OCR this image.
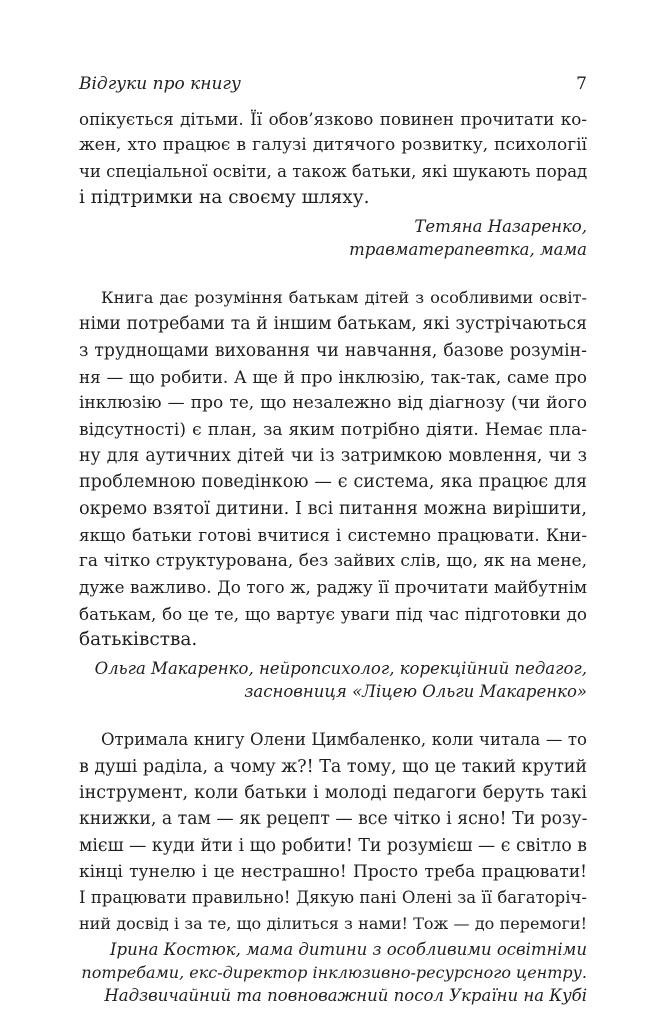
Відгуки про книгу	7
опікується дітьми. Її обов’язково повинен прочитати ко-
жен, хто працює в галузі дитячого розвитку, психології
чи спеціальної освіти, а також батьки, які шукають порад
і підтримки на своєму шляху.
Тетяна Назаренко,
травматерапевтка, мама
Книга дає розуміння батькам дітей з особливими освіт-
німи потребами та й іншим батькам, які зустрічаються
з труднощами виховання чи навчання, базове розумін-
ня — що робити. А ще й про інклюзію, так-так, саме про
інклюзію — про те, що незалежно від діагнозу (чи його
відсутності) є план, за яким потрібно діяти. Немає пла-
ну для аутичних дітей чи із затримкою мовлення, чи з
проблемною поведінкою — є система, яка працює для
окремо взятої дитини. І всі питання можна вирішити,
якщо батьки готові вчитися і системно працювати. Кни-
га чітко структурована, без зайвих слів, що, як на мене,
дуже важливо. До того ж, раджу її прочитати майбутнім
батькам, бо це те, що вартує уваги під час підготовки до
батьківства.
Ольга Макаренко, нейропсихолог, корекційний педагог,
засновниця «Ліцею Ольги Макаренко»
Отримала книгу Олени Цимбаленко, коли читала — то
в душі раділа, а чому ж?! Та тому, що це такий крутий
інструмент, коли батьки і молоді педагоги беруть такі
книжки, а там — як рецепт — все чітко і ясно! Ти розу-
мієш — куди йти і що робити! Ти розумієш — є світло в
кінці тунелю і це нестрашно! Просто треба працювати!
І працювати правильно! Дякую пані Олені за її багаторіч-
ний досвід і за те, що ділиться з нами! Тож — до перемоги!
Ірина Костюк, мама дитини з особливими освітніми
потребами, екс-директор інклюзивно-ресурсного центру.
Надзвичайний та повноважний посол України на Кубі
